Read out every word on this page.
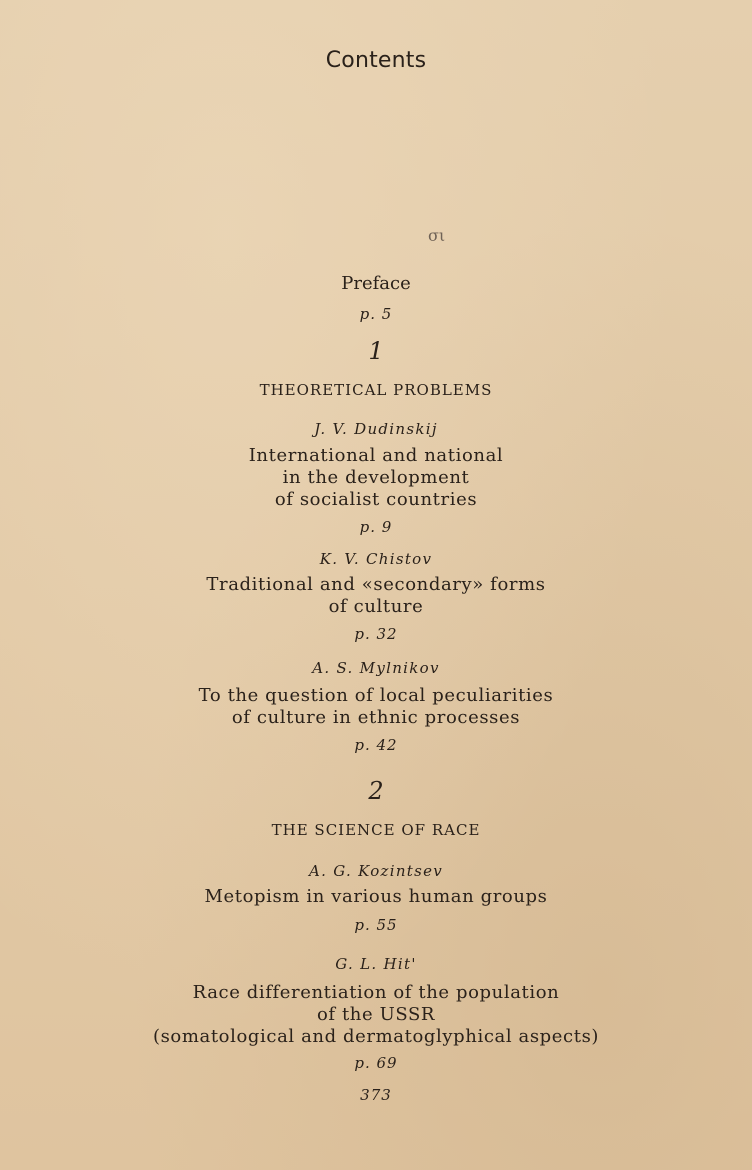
Contents
σι
Preface
p. 5
1
THEORETICAL PROBLEMS
J. V. Dudinskij
International and national
in the development
of socialist countries
p. 9
K. V. Chistov
Traditional and «secondary» forms
of culture
p. 32
A. S. Mylnikov
To the question of local peculiarities
of culture in ethnic processes
p. 42
2
THE SCIENCE OF RACE
A. G. Kozintsev
Metopism in various human groups
p. 55
G. L. Hit'
Race differentiation of the population
of the USSR
(somatological and dermatoglyphical aspects)
p. 69
373
